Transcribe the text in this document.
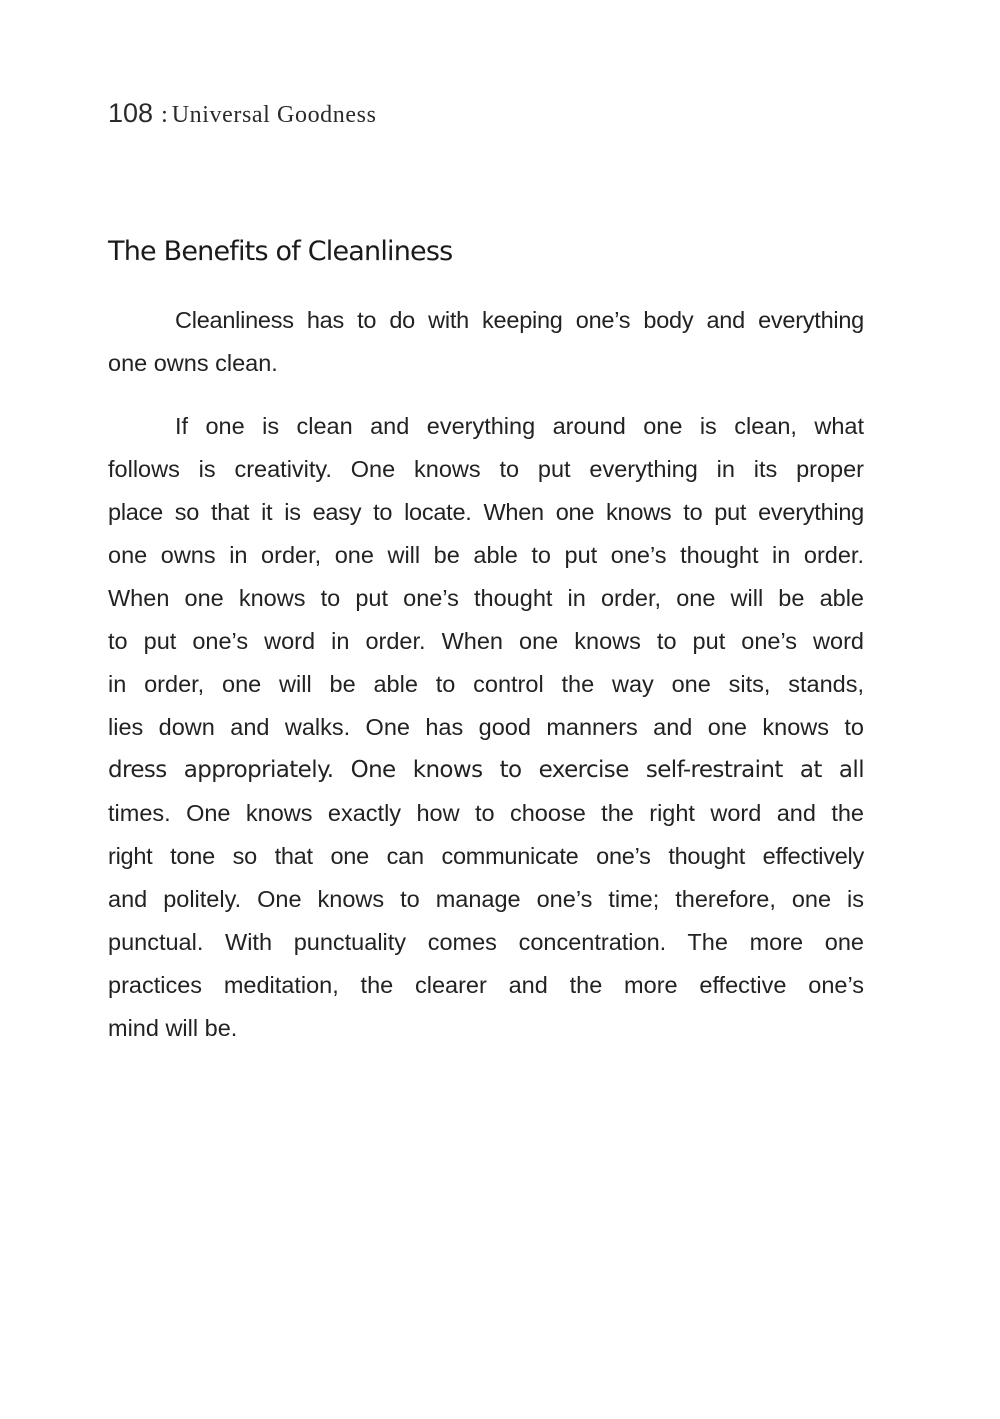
108 : Universal Goodness
The Benefits of Cleanliness

Cleanliness has to do with keeping one’s body and everything
one owns clean.

If one is clean and everything around one is clean, what
follows is creativity. One knows to put everything in its proper
place so that it is easy to locate. When one knows to put everything
one owns in order, one will be able to put one’s thought in order.
When one knows to put one’s thought in order, one will be able
to put one’s word in order. When one knows to put one’s word
in order, one will be able to control the way one sits, stands,
lies down and walks. One has good manners and one knows to
dress appropriately. One knows to exercise self-restraint at all
times. One knows exactly how to choose the right word and the
right tone so that one can communicate one’s thought effectively
and politely. One knows to manage one’s time; therefore, one is
punctual. With punctuality comes concentration. The more one
practices meditation, the clearer and the more effective one’s
mind will be.
